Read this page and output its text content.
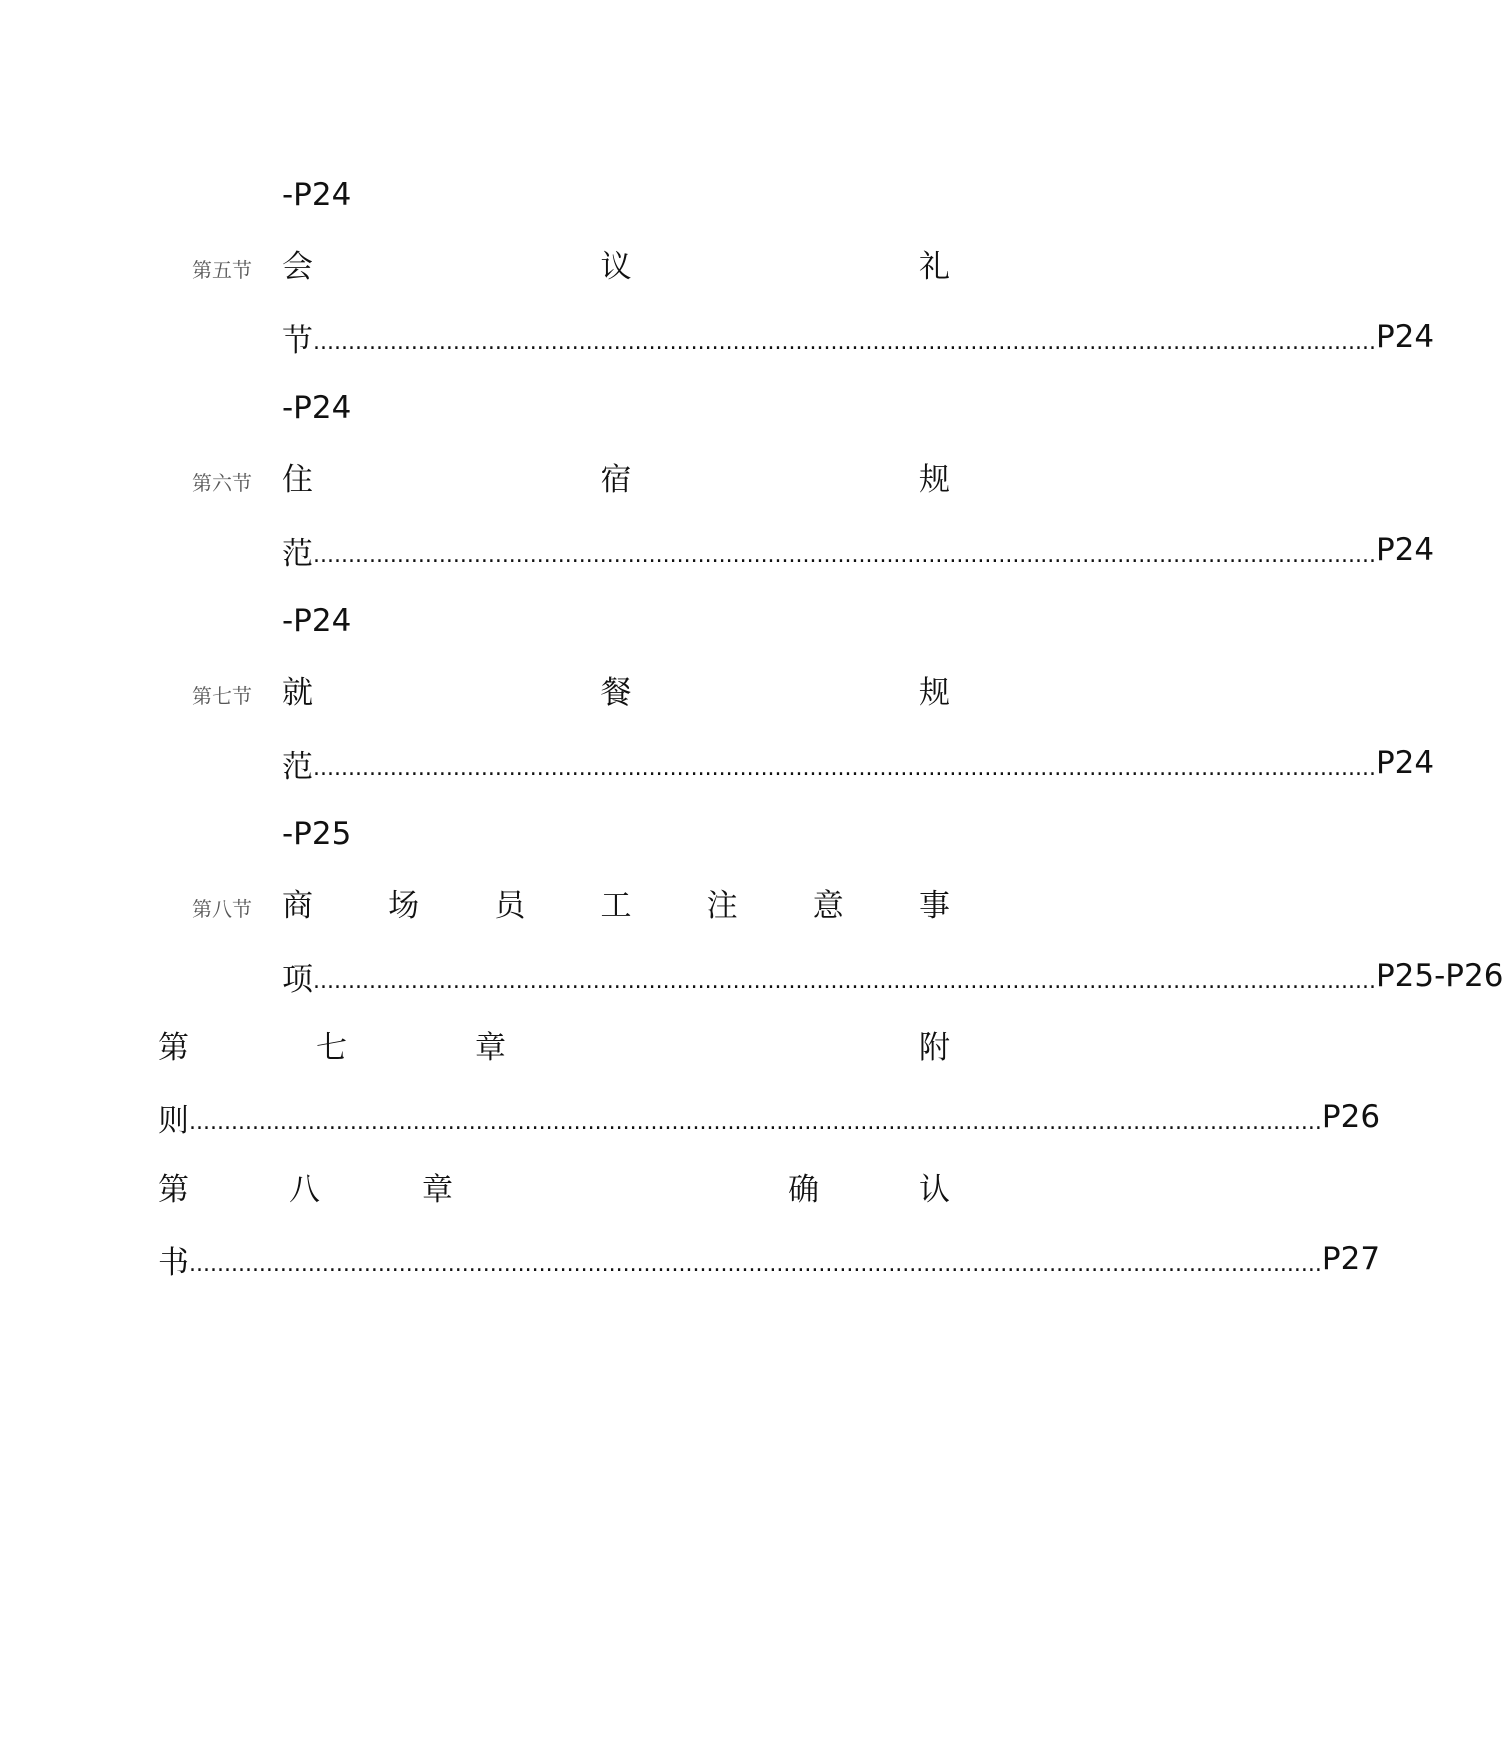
-P24
第五节 会	议	礼
节 ........................................................................................................................................................ P24
-P24
第六节 住	宿	规
范 ........................................................................................................................................................ P24
-P24
第七节 就	餐	规
范 ........................................................................................................................................................ P24
-P25
第八节 商 场 员 工 注 意 事
项 ........................................................................................................................................................ P25-P26
第	七	章	附
则 .................................................................................................................................................................. P26
第	八	章	确	认
书 .................................................................................................................................................................. P27
